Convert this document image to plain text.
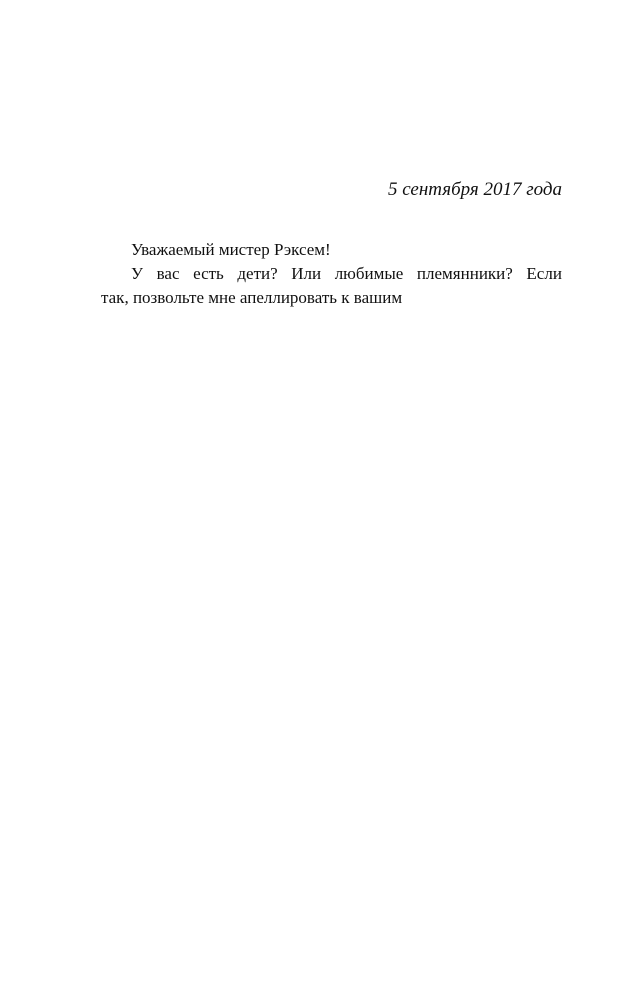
5 сентября 2017 года
Уважаемый мистер Рэксем!
У вас есть дети? Или любимые племянники? Если
так, позвольте мне апеллировать к вашим
